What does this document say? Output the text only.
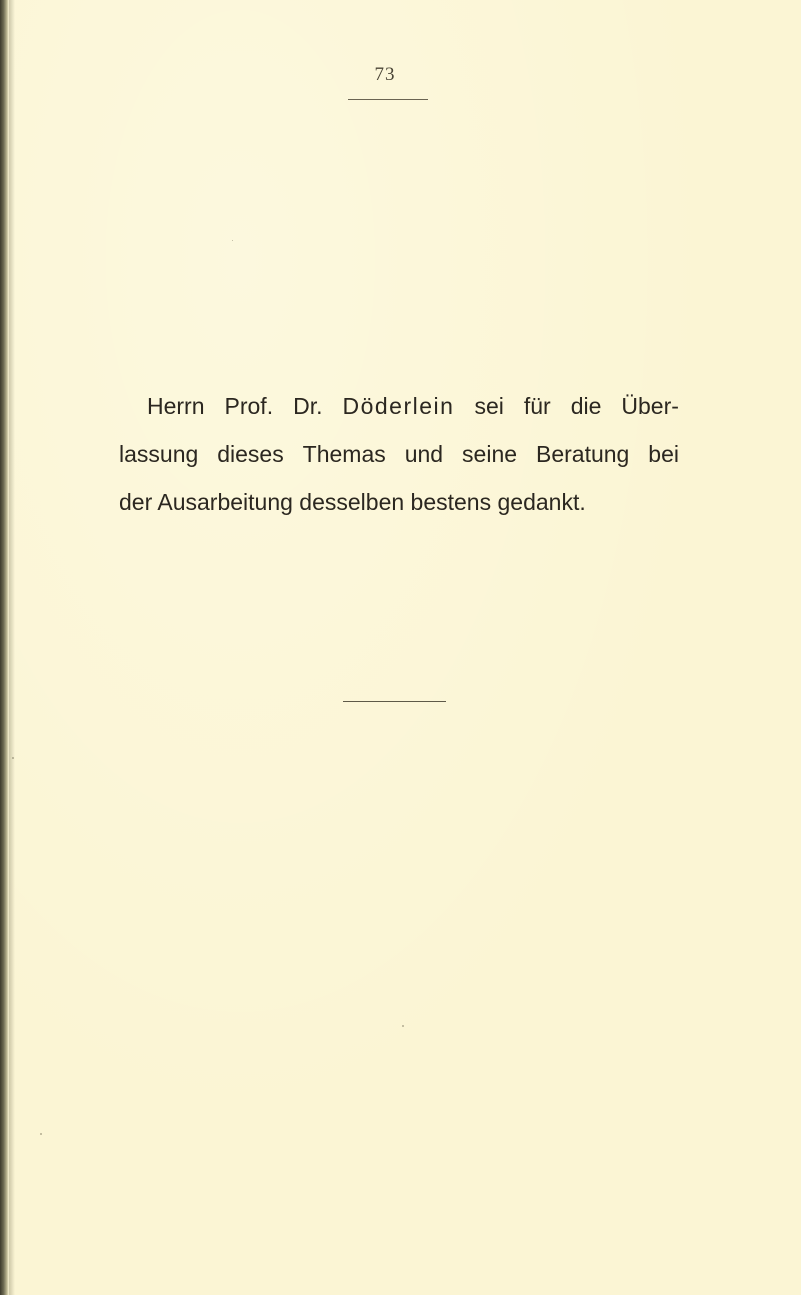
73
Herrn Prof. Dr. Döderlein sei für die Über-
lassung dieses Themas und seine Beratung bei
der Ausarbeitung desselben bestens gedankt.
